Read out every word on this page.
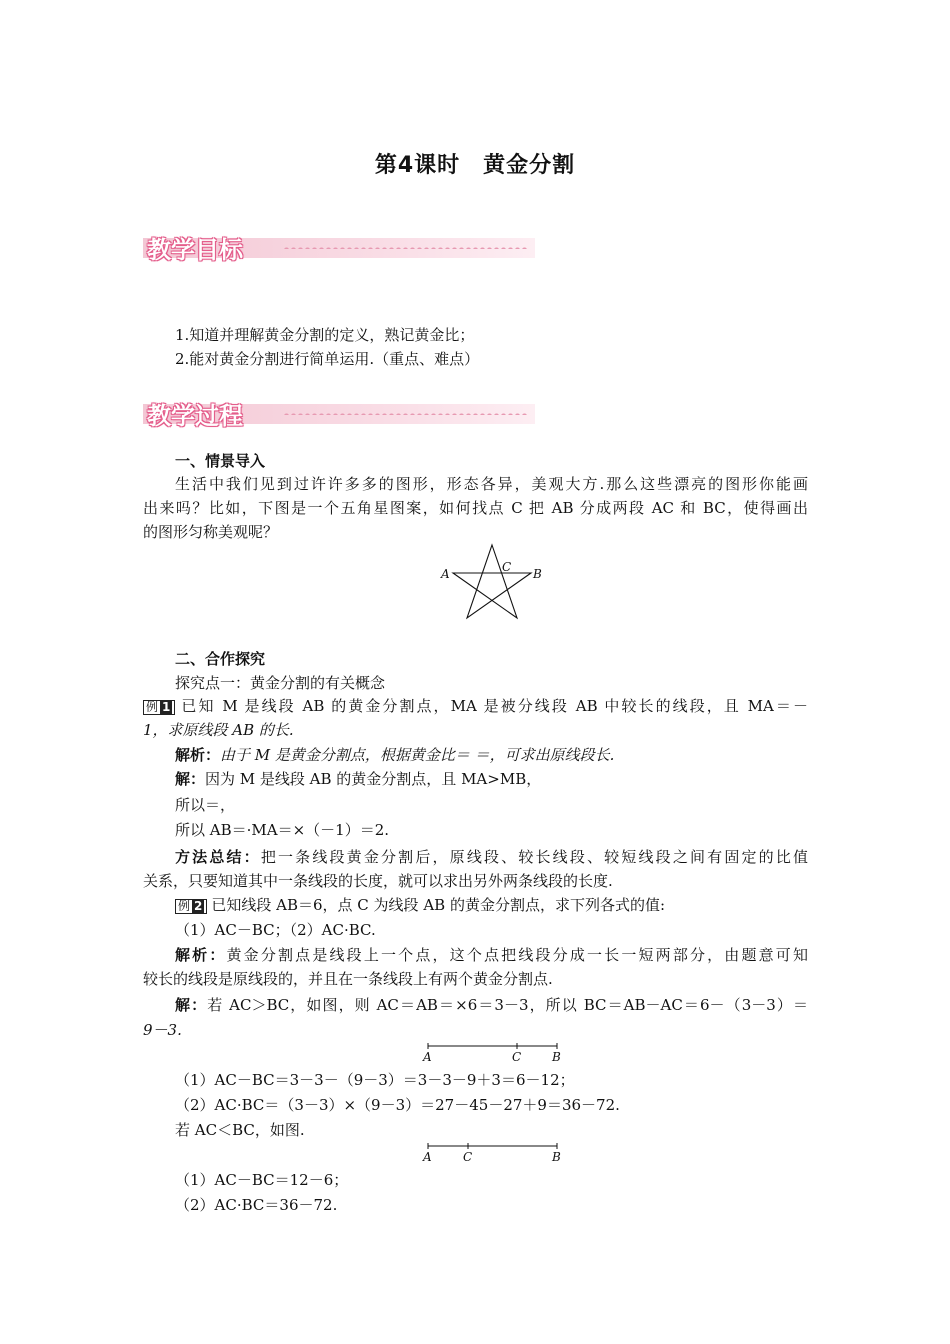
第4课时　黄金分割
教学目标
1.知道并理解黄金分割的定义，熟记黄金比；
2.能对黄金分割进行简单运用.（重点、难点）
教学过程
一、情景导入
生活中我们见到过许许多多的图形，形态各异，美观大方.那么这些漂亮的图形你能画
出来吗？比如，下图是一个五角星图案，如何找点 C 把 AB 分成两段 AC 和 BC，使得画出
的图形匀称美观呢？
A	C B
二、合作探究
探究点一：黄金分割的有关概念
例 1 已知 M 是线段 AB 的黄金分割点，MA 是被分线段 AB 中较长的线段，且 MA＝－
1，求原线段 AB 的长.
解析：由于 M 是黄金分割点，根据黄金比＝ ＝，可求出原线段长.
解：因为 M 是线段 AB 的黄金分割点，且 MA>MB，
所以＝，
所以 AB＝·MA＝×（－1）＝2.
方法总结：把一条线段黄金分割后，原线段、较长线段、较短线段之间有固定的比值
关系，只要知道其中一条线段的长度，就可以求出另外两条线段的长度.
例 2 已知线段 AB＝6，点 C 为线段 AB 的黄金分割点，求下列各式的值:
（1）AC－BC；（2）AC·BC.
解析：黄金分割点是线段上一个点，这个点把线段分成一长一短两部分，由题意可知
较长的线段是原线段的，并且在一条线段上有两个黄金分割点.
解：若 AC＞BC，如图，则 AC＝AB＝×6＝3－3，所以 BC＝AB－AC＝6－（3－3）＝
9－3.
A	C	B
（1）AC－BC＝3－3－（9－3）＝3－3－9＋3＝6－12；
（2）AC·BC＝（3－3）×（9－3）＝27－45－27＋9＝36－72.
若 AC＜BC，如图.
A	C	B
（1）AC－BC＝12－6；
（2）AC·BC＝36－72.
